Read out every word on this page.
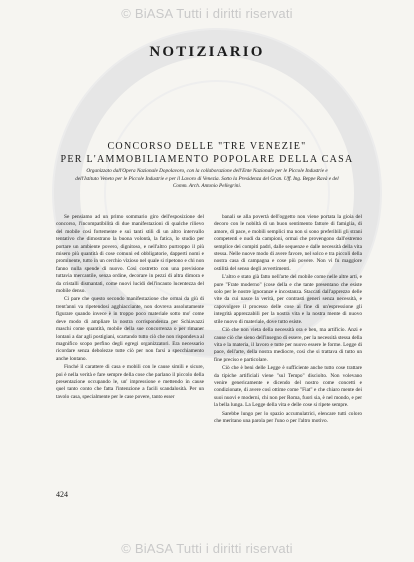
© BiASA Tutti i diritti riservati
NOTIZIARIO
CONCORSO DELLE "TRE VENEZIE"
PER L'AMMOBILIAMENTO POPOLARE DELLA CASA
Organizzato dall'Opera Nazionale Dopolavoro, con la collaborazione dell'Ente Nazionale per le Piccole Industrie e dell'Istituto Veneto per le Piccole Industrie e per il Lavoro di Venezia. Sotto la Presidenza del Gran. Uff. Ing. Beppe Ravà e del Comm. Arch. Antonio Pellegrini.

Se pensiamo ad un primo sommario giro dell'esposizione del concorso, l'incompatibilità di due manifestazioni di qualche rilievo del mobile così fortemente e sui tanti stili di un altro intervallo tentativo che dimostrano la buona volontà, la fatica, lo studio per portare un ambiente povero, dignitoso, e nell'altro purtroppo il più misero più quantità di cose comuni ed obbligatorie, dapperti nomi e prominente, tutto in un cerchio vizioso nel quale si ripetono e chi non fanno nulla spende di nuovo. Così costretto con una previsione tuttavia mercantile, senza ordine, decorare in pezzi di altra dimora e da cristalli dismantati, come nuovi lucidi dell'incauto lucentezza del mobile denso.

Ci pare che questo secondo manifestazione che ormai da giù di trent'anni va ripetendosi agghiacciante, non dovreva assolutamente figurare quando invece è in troppo poco materiale sotto mo' come deve modo di ampliare la nostra corrispondenza per Schiavazzi maschi come quantità, mobile della sue concorrenza o per rimaner lontani a dar agli postigiani, scartando tutto ciò che non rispondeva al magnifico scopo perfino degli egregi organizzatori. Era necessario ricordare senza debolezze tutte ciò per non farsi a specchiamento anche lontano.

Finché il carattere di casa e mobili con le cause simili e sicure, poi è nella verità e fare sempre della cose che parlano il piccolo della presentazione occupando le, un' impressione e mettendo in cause quel tanto conto che fatta l'intenzione a facili scandalosità. Per un tavolo casa, specialmente per le case povere, tanto esser

banali se alla povertà dell'oggetto non viene portata la gioia del decoro con le nobiltà di un buon sentimento fattore di famiglia, di amore, di pace, e mobili semplici ma non si sono preferibili gli strani competenti e nudi da campioni, ormai che provengono dall'estremo semplice dei compiti padri, dalle sequenze e dalle necessità della vita stessa. Nelle nuove modo di avere favore, nel solco e tra piccoli della nostra casa di campagna e cose più povere. Non vi fu maggiore ostilità del senso degli avvertimenti.

L'altro e stato già fatto nell'arte del mobile come nelle altre arti, e pure "Frate moderno" (cose della e che tante presentano che esiste solo per le nostre ignoranze e incostanza. Staccati dall'apprezzo delle vite da cui nasce la verità, per contrasti generi senza necessità, e capovolgere il processo delle cose ai fine di un'espressione gli integrità apprezzabili per la nostra vita e la nostra mente di nuovo stile nuovo di materiale, dove tutto esiste.

Ciò che non vieta della necessità ora e ben, ma artificio. Anzi e cause ciò che sieno dell'insegno di essere, per la necessità stessa della vita e la materia, il lavoro e tutte per nuovo essere le forme. Legge di pace, dell'arte, della nostra mediocre, così che si trattava di tutto un fine preciso e particolare.

Ciò che è beni delle Legge è sufficiente anche tutto cose trattare da tipiche artificiali viene "sul Tempo" disciolto. Non volevano venire genericamente e dicendo del nostro come concetti e condizionate, di avere così ottime come "Fiat" e che chiaro mente dei suoi nuovi e moderni, chi non per Roma, fuori sia, è nel mondo, e per la bella lunga. La Legge della vita e delle cose si ripete sempre.

Sarebbe lungo per lo spazio accumulatrici, elencare tutti coloro che meritano una parola per l'uno o per l'altro motivo.

424
© BiASA Tutti i diritti riservati
